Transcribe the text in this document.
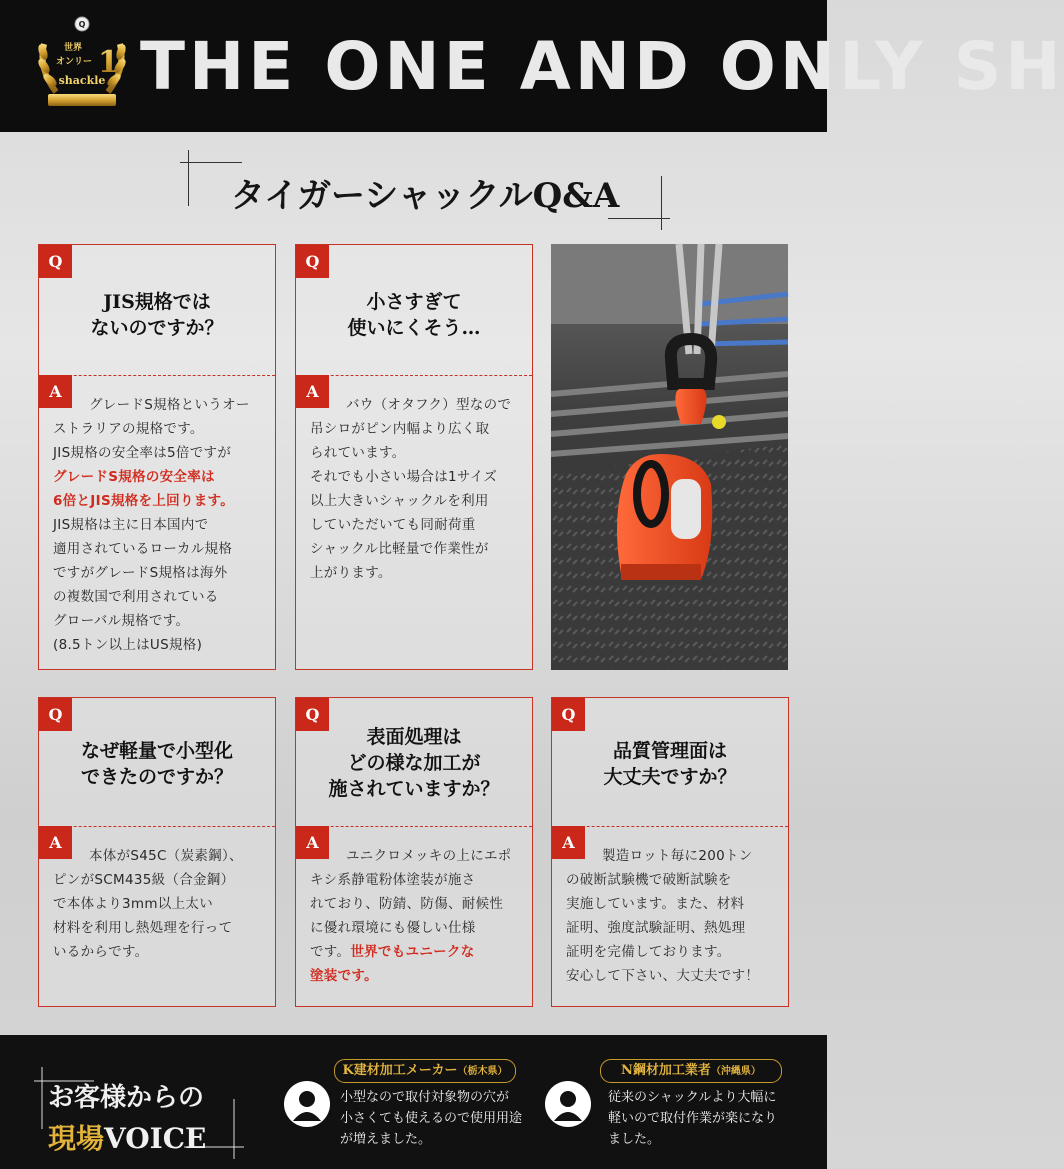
Q
世界
オンリー 1
shackle THE ONE AND ONLY SH
タイガーシャックルQ&A
Q
JIS規格では
ないのですか？
A
グレードS規格というオー
ストラリアの規格です。
JIS規格の安全率は5倍ですが
グレードS規格の安全率は
6倍とJIS規格を上回ります。
JIS規格は主に日本国内で
適用されているローカル規格
ですがグレードS規格は海外
の複数国で利用されている
グローバル規格です。
(8.5トン以上はUS規格)
Q
小さすぎて
使いにくそう…
A
バウ（オタフク）型なので
吊シロがピン内幅より広く取
られています。
それでも小さい場合は1サイズ
以上大きいシャックルを利用
していただいても同耐荷重
シャックル比軽量で作業性が
上がります。
Q
なぜ軽量で小型化
できたのですか？
A
本体がS45C（炭素鋼）、
ピンがSCM435級（合金鋼）
で本体より3mm以上太い
材料を利用し熱処理を行って
いるからです。
Q
表面処理は
どの様な加工が
施されていますか？
A
ユニクロメッキの上にエポ
キシ系静電粉体塗装が施さ
れており、防錆、防傷、耐候性
に優れ環境にも優しい仕様
です。世界でもユニークな
塗装です。
Q
品質管理面は
大丈夫ですか？
A
製造ロット毎に200トン
の破断試験機で破断試験を
実施しています。また、材料
証明、強度試験証明、熱処理
証明を完備しております。
安心して下さい、大丈夫です！
お客様からの
現場VOICE
K建材加工メーカー（栃木県）
小型なので取付対象物の穴が
小さくても使えるので使用用途
が増えました。
N鋼材加工業者（沖縄県）
従来のシャックルより大幅に
軽いので取付作業が楽になり
ました。
